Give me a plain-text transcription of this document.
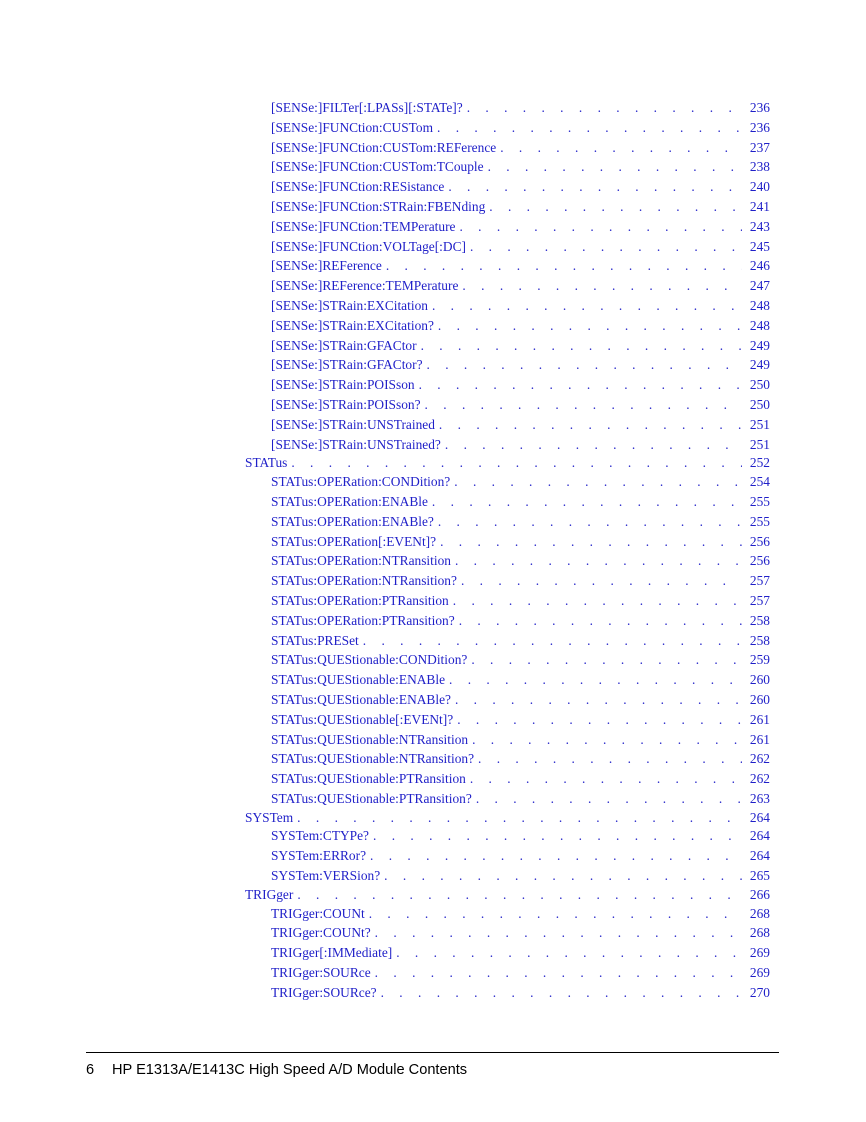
[SENSe:]FILTer[:LPASs][:STATe]? . . .	236
[SENSe:]FUNCtion:CUSTom . . .	236
[SENSe:]FUNCtion:CUSTom:REFerence . . .	237
[SENSe:]FUNCtion:CUSTom:TCouple . . .	238
[SENSe:]FUNCtion:RESistance . . .	240
[SENSe:]FUNCtion:STRain:FBENding . . .	241
[SENSe:]FUNCtion:TEMPerature . . .	243
[SENSe:]FUNCtion:VOLTage[:DC] . . .	245
[SENSe:]REFerence . . .	246
[SENSe:]REFerence:TEMPerature . . .	247
[SENSe:]STRain:EXCitation . . .	248
[SENSe:]STRain:EXCitation? . . .	248
[SENSe:]STRain:GFACtor . . .	249
[SENSe:]STRain:GFACtor? . . .	249
[SENSe:]STRain:POISson . . .	250
[SENSe:]STRain:POISson? . . .	250
[SENSe:]STRain:UNSTrained . . .	251
[SENSe:]STRain:UNSTrained? . . .	251
STATus . . .	252
STATus:OPERation:CONDition? . . .	254
STATus:OPERation:ENABle . . .	255
STATus:OPERation:ENABle? . . .	255
STATus:OPERation[:EVENt]? . . .	256
STATus:OPERation:NTRansition . . .	256
STATus:OPERation:NTRansition? . . .	257
STATus:OPERation:PTRansition . . .	257
STATus:OPERation:PTRansition? . . .	258
STATus:PRESet . . .	258
STATus:QUEStionable:CONDition? . . .	259
STATus:QUEStionable:ENABle . . .	260
STATus:QUEStionable:ENABle? . . .	260
STATus:QUEStionable[:EVENt]? . . .	261
STATus:QUEStionable:NTRansition . . .	261
STATus:QUEStionable:NTRansition? . . .	262
STATus:QUEStionable:PTRansition . . .	262
STATus:QUEStionable:PTRansition? . . .	263
SYSTem . . .	264
SYSTem:CTYPe? . . .	264
SYSTem:ERRor? . . .	264
SYSTem:VERSion? . . .	265
TRIGger . . .	266
TRIGger:COUNt . . .	268
TRIGger:COUNt? . . .	268
TRIGger[:IMMediate] . . .	269
TRIGger:SOURce . . .	269
TRIGger:SOURce? . . .	270
6 HP E1313A/E1413C High Speed A/D Module Contents
